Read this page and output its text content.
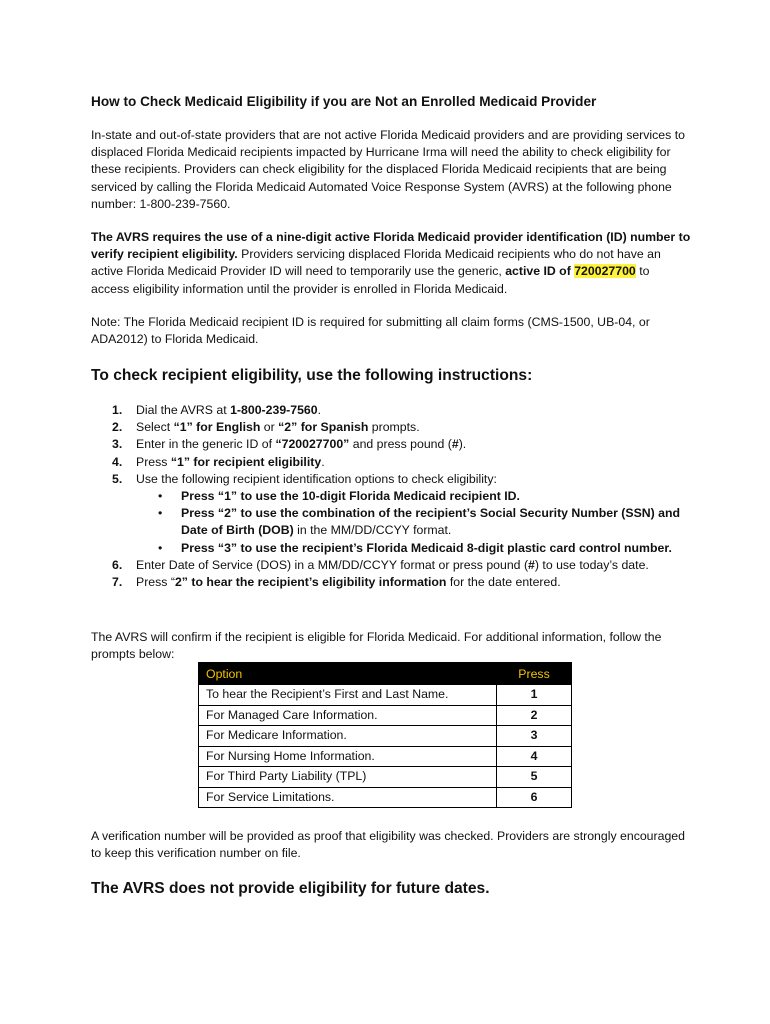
How to Check Medicaid Eligibility if you are Not an Enrolled Medicaid Provider
In-state and out-of-state providers that are not active Florida Medicaid providers and are providing services to displaced Florida Medicaid recipients impacted by Hurricane Irma will need the ability to check eligibility for these recipients. Providers can check eligibility for the displaced Florida Medicaid recipients that are being serviced by calling the Florida Medicaid Automated Voice Response System (AVRS) at the following phone number: 1-800-239-7560.
The AVRS requires the use of a nine-digit active Florida Medicaid provider identification (ID) number to verify recipient eligibility. Providers servicing displaced Florida Medicaid recipients who do not have an active Florida Medicaid Provider ID will need to temporarily use the generic, active ID of 720027700 to access eligibility information until the provider is enrolled in Florida Medicaid.
Note: The Florida Medicaid recipient ID is required for submitting all claim forms (CMS-1500, UB-04, or ADA2012) to Florida Medicaid.
To check recipient eligibility, use the following instructions:
1. Dial the AVRS at 1-800-239-7560.
2. Select “1” for English or “2” for Spanish prompts.
3. Enter in the generic ID of “720027700” and press pound (#).
4. Press “1” for recipient eligibility.
5. Use the following recipient identification options to check eligibility:
• Press “1” to use the 10-digit Florida Medicaid recipient ID.
• Press “2” to use the combination of the recipient’s Social Security Number (SSN) and Date of Birth (DOB) in the MM/DD/CCYY format.
• Press “3” to use the recipient’s Florida Medicaid 8-digit plastic card control number.
6. Enter Date of Service (DOS) in a MM/DD/CCYY format or press pound (#) to use today’s date.
7. Press “2” to hear the recipient’s eligibility information for the date entered.
The AVRS will confirm if the recipient is eligible for Florida Medicaid. For additional information, follow the prompts below:
Option	Press
To hear the Recipient’s First and Last Name.	1
For Managed Care Information.	2
For Medicare Information.	3
For Nursing Home Information.	4
For Third Party Liability (TPL)	5
For Service Limitations.	6
A verification number will be provided as proof that eligibility was checked. Providers are strongly encouraged to keep this verification number on file.
The AVRS does not provide eligibility for future dates.
